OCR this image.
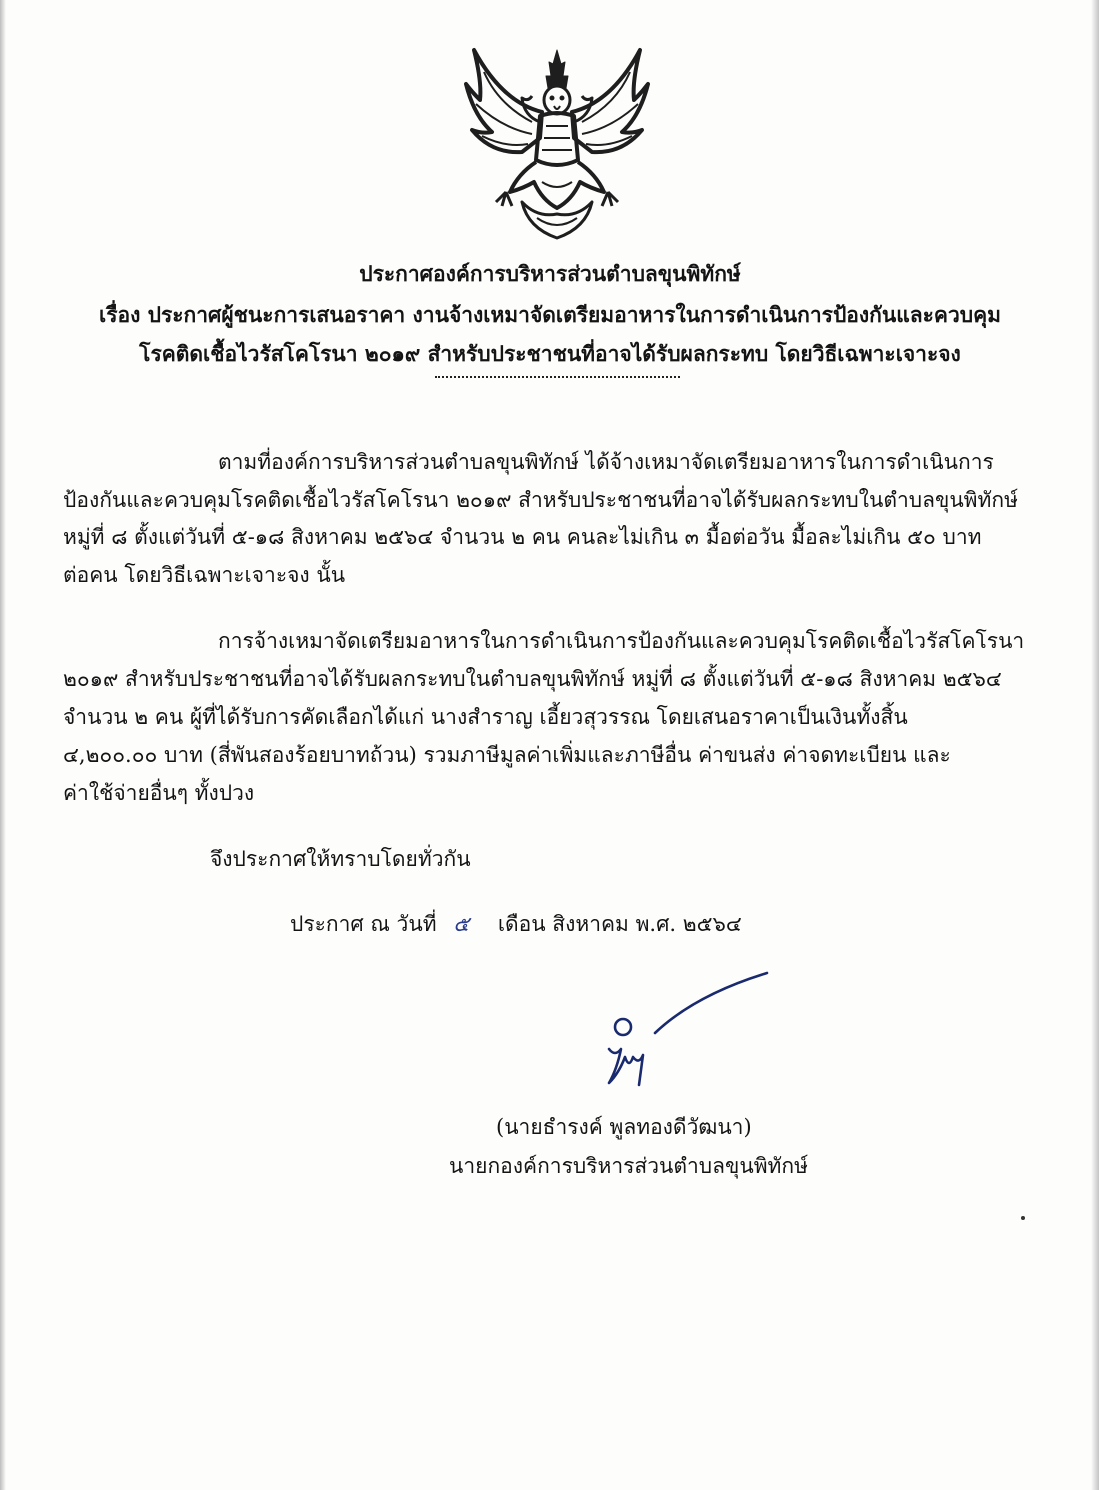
ประกาศองค์การบริหารส่วนตำบลขุนพิทักษ์
เรื่อง ประกาศผู้ชนะการเสนอราคา งานจ้างเหมาจัดเตรียมอาหารในการดำเนินการป้องกันและควบคุม
โรคติดเชื้อไวรัสโคโรนา ๒๐๑๙ สำหรับประชาชนที่อาจได้รับผลกระทบ โดยวิธีเฉพาะเจาะจง
ตามที่องค์การบริหารส่วนตำบลขุนพิทักษ์ ได้จ้างเหมาจัดเตรียมอาหารในการดำเนินการ
ป้องกันและควบคุมโรคติดเชื้อไวรัสโคโรนา ๒๐๑๙ สำหรับประชาชนที่อาจได้รับผลกระทบในตำบลขุนพิทักษ์
หมู่ที่ ๘ ตั้งแต่วันที่ ๕-๑๘ สิงหาคม ๒๕๖๔ จำนวน ๒ คน คนละไม่เกิน ๓ มื้อต่อวัน มื้อละไม่เกิน ๕๐ บาท
ต่อคน โดยวิธีเฉพาะเจาะจง นั้น
การจ้างเหมาจัดเตรียมอาหารในการดำเนินการป้องกันและควบคุมโรคติดเชื้อไวรัสโคโรนา
๒๐๑๙ สำหรับประชาชนที่อาจได้รับผลกระทบในตำบลขุนพิทักษ์ หมู่ที่ ๘ ตั้งแต่วันที่ ๕-๑๘ สิงหาคม ๒๕๖๔
จำนวน ๒ คน ผู้ที่ได้รับการคัดเลือกได้แก่ นางสำราญ เอี้ยวสุวรรณ โดยเสนอราคาเป็นเงินทั้งสิ้น
๔,๒๐๐.๐๐ บาท (สี่พันสองร้อยบาทถ้วน) รวมภาษีมูลค่าเพิ่มและภาษีอื่น ค่าขนส่ง ค่าจดทะเบียน และ
ค่าใช้จ่ายอื่นๆ ทั้งปวง
จึงประกาศให้ทราบโดยทั่วกัน
ประกาศ ณ วันที่ ๕ เดือน สิงหาคม พ.ศ. ๒๕๖๔
(นายธำรงค์ พูลทองดีวัฒนา)
นายกองค์การบริหารส่วนตำบลขุนพิทักษ์
